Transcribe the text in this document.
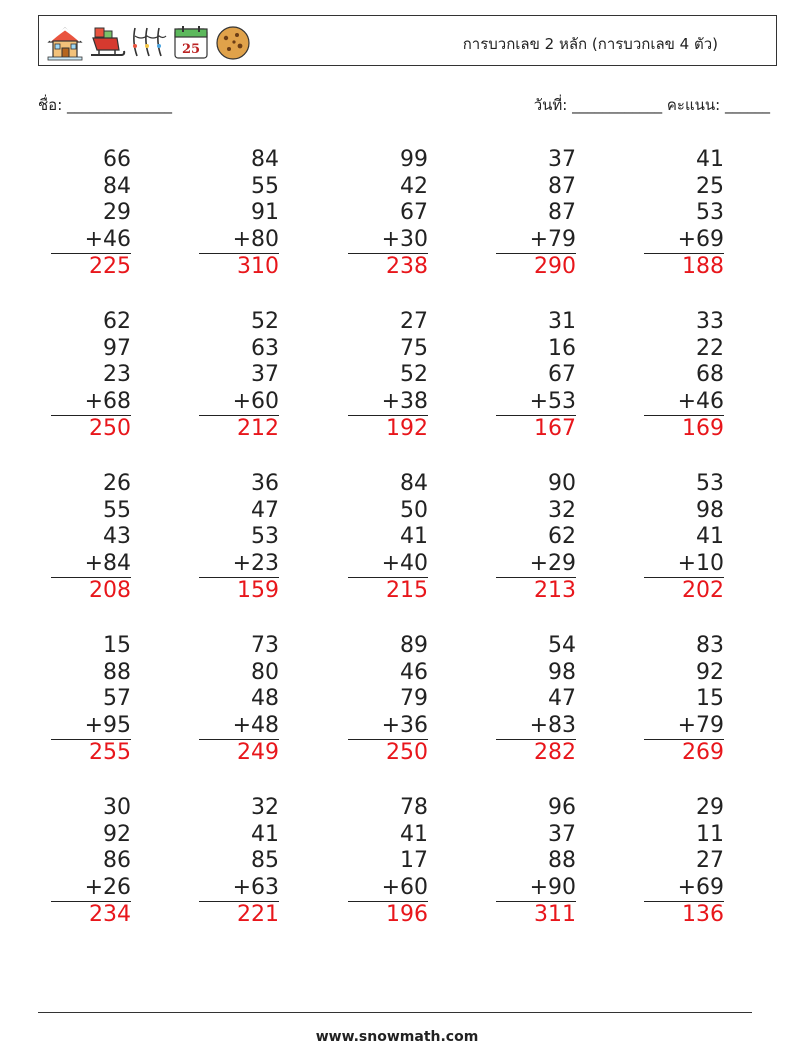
25	การบวกเลข 2 หลัก (การบวกเลข 4 ตัว)
ชื่อ: ______________	วันที่: ____________ คะแนน: ______
66
84
29
+46
225
84
55
91
+80
310
99
42
67
+30
238
37
87
87
+79
290
41
25
53
+69
188
62
97
23
+68
250
52
63
37
+60
212
27
75
52
+38
192
31
16
67
+53
167
33
22
68
+46
169
26
55
43
+84
208
36
47
53
+23
159
84
50
41
+40
215
90
32
62
+29
213
53
98
41
+10
202
15
88
57
+95
255
73
80
48
+48
249
89
46
79
+36
250
54
98
47
+83
282
83
92
15
+79
269
30
92
86
+26
234
32
41
85
+63
221
78
41
17
+60
196
96
37
88
+90
311
29
11
27
+69
136
www.snowmath.com
